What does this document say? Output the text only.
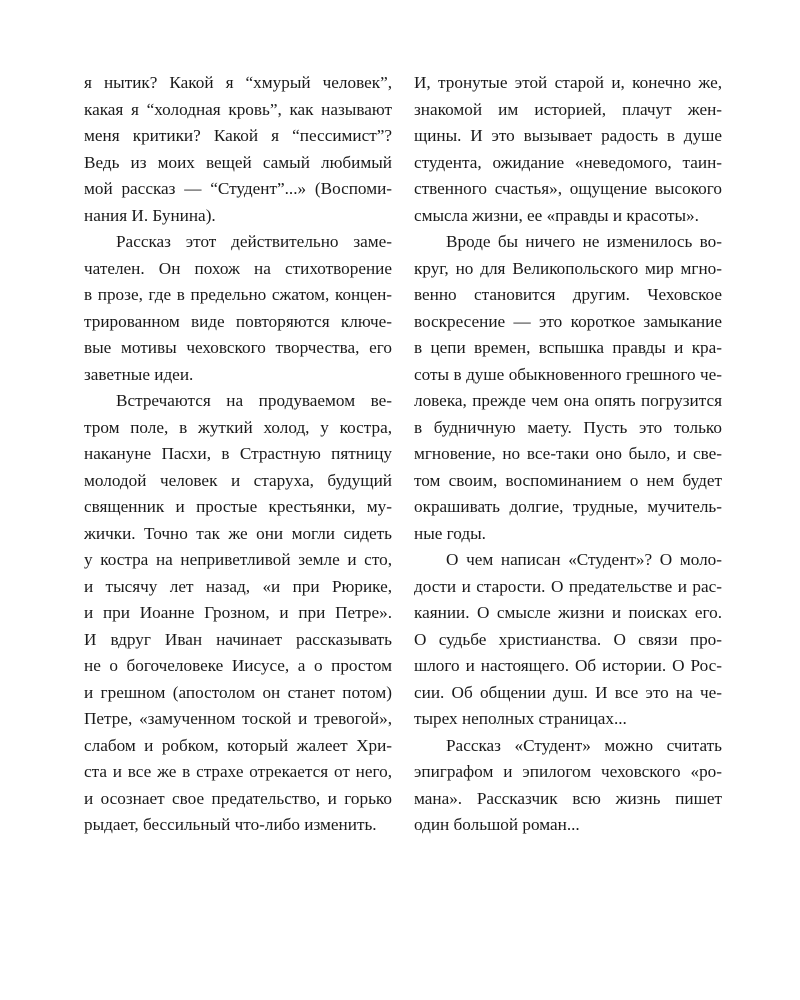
я нытик? Какой я “хмурый человек”,
какая я “холодная кровь”, как называют
меня критики? Какой я “пессимист”?
Ведь из моих вещей самый любимый
мой рассказ — “Студент”...» (Воспоми-
нания И. Бунина).
Рассказ этот действительно заме-
чателен. Он похож на стихотворение
в прозе, где в предельно сжатом, концен-
трированном виде повторяются ключе-
вые мотивы чеховского творчества, его
заветные идеи.
Встречаются на продуваемом ве-
тром поле, в жуткий холод, у костра,
накануне Пасхи, в Страстную пятницу
молодой человек и старуха, будущий
священник и простые крестьянки, му-
жички. Точно так же они могли сидеть
у костра на неприветливой земле и сто,
и тысячу лет назад, «и при Рюрике,
и при Иоанне Грозном, и при Петре».
И вдруг Иван начинает рассказывать
не о богочеловеке Иисусе, а о простом
и грешном (апостолом он станет потом)
Петре, «замученном тоской и тревогой»,
слабом и робком, который жалеет Хри-
ста и все же в страхе отрекается от него,
и осознает свое предательство, и горько
рыдает, бессильный что-либо изменить.
И, тронутые этой старой и, конечно же,
знакомой им историей, плачут жен-
щины. И это вызывает радость в душе
студента, ожидание «неведомого, таин-
ственного счастья», ощущение высокого
смысла жизни, ее «правды и красоты».
Вроде бы ничего не изменилось во-
круг, но для Великопольского мир мгно-
венно становится другим. Чеховское
воскресение — это короткое замыкание
в цепи времен, вспышка правды и кра-
соты в душе обыкновенного грешного че-
ловека, прежде чем она опять погрузится
в будничную маету. Пусть это только
мгновение, но все-таки оно было, и све-
том своим, воспоминанием о нем будет
окрашивать долгие, трудные, мучитель-
ные годы.
О чем написан «Студент»? О моло-
дости и старости. О предательстве и рас-
каянии. О смысле жизни и поисках его.
О судьбе христианства. О связи про-
шлого и настоящего. Об истории. О Рос-
сии. Об общении душ. И все это на че-
тырех неполных страницах...
Рассказ «Студент» можно считать
эпиграфом и эпилогом чеховского «ро-
мана». Рассказчик всю жизнь пишет
один большой роман...
